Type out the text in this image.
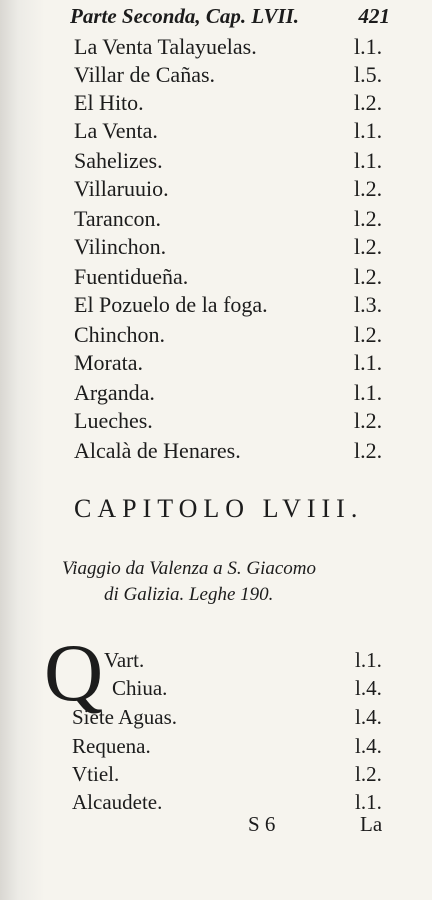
Parte Seconda, Cap. LVII.	421
La Venta Talayuelas.	l.1.
Villar de Cañas.	l.5.
El Hito.	l.2.
La Venta.	l.1.
Sahelizes.	l.1.
Villaruuio.	l.2.
Tarancon.	l.2.
Vilinchon.	l.2.
Fuentidueña.	l.2.
El Pozuelo de la foga.	l.3.
Chinchon.	l.2.
Morata.	l.1.
Arganda.	l.1.
Lueches.	l.2.
Alcalà de Henares.	l.2.
CAPITOLO LVIII.
Viaggio da Valenza a S. Giacomo
di Galizia. Leghe 190.
Q Vart.	l.1.
Chiua.	l.4.
Siete Aguas.	l.4.
Requena.	l.4.
Vtiel.	l.2.
Alcaudete.	l.1.
S 6	La
